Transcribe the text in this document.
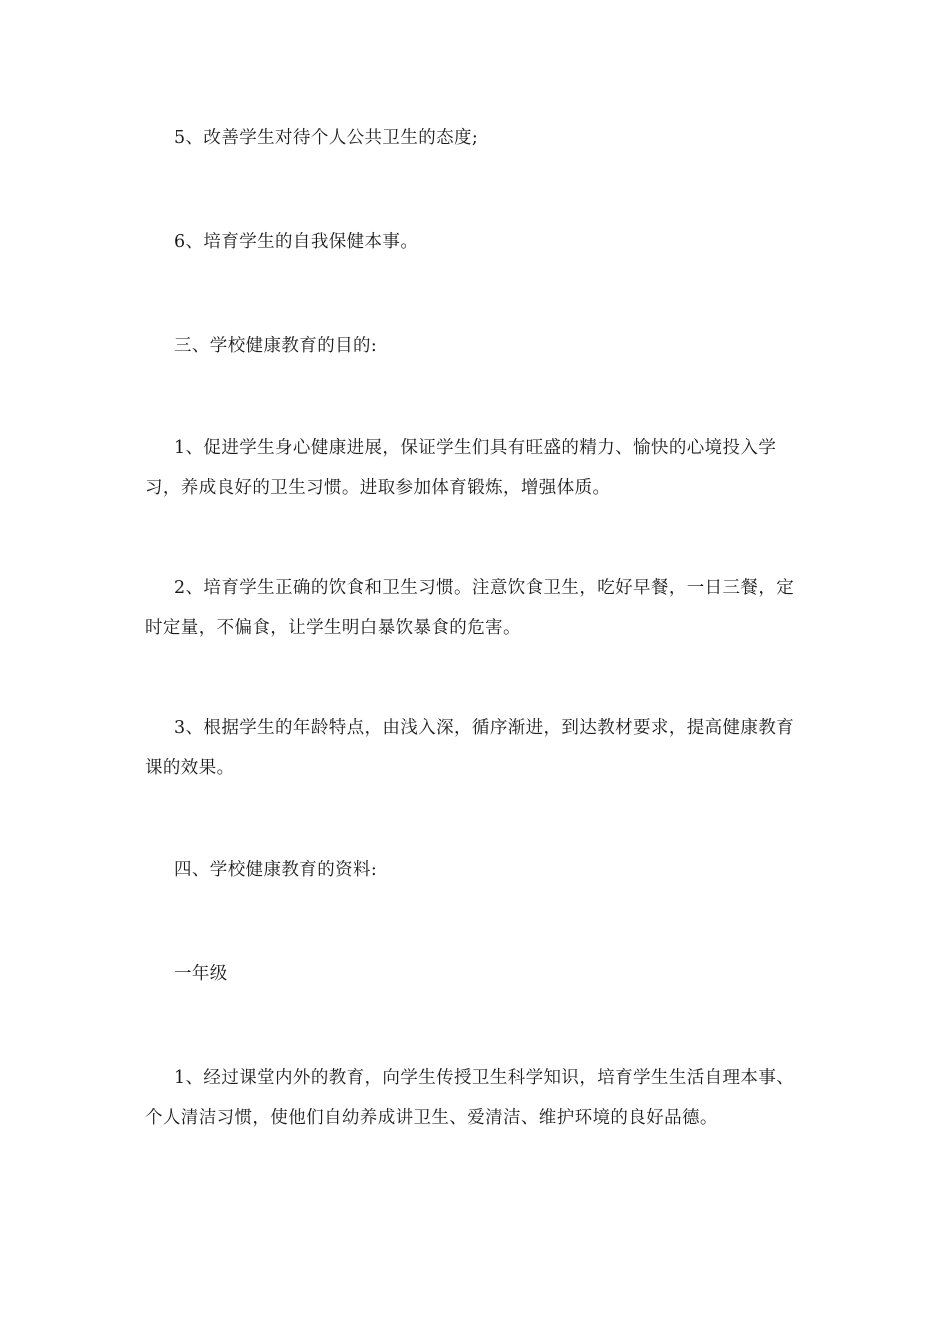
5、改善学生对待个人公共卫生的态度;

6、培育学生的自我保健本事。

三、学校健康教育的目的:

1、促进学生身心健康进展，保证学生们具有旺盛的精力、愉快的心境投入学习，养成良好的卫生习惯。进取参加体育锻炼，增强体质。

2、培育学生正确的饮食和卫生习惯。注意饮食卫生，吃好早餐，一日三餐，定时定量，不偏食，让学生明白暴饮暴食的危害。

3、根据学生的年龄特点，由浅入深，循序渐进，到达教材要求，提高健康教育课的效果。

四、学校健康教育的资料:

一年级

1、经过课堂内外的教育，向学生传授卫生科学知识，培育学生生活自理本事、个人清洁习惯，使他们自幼养成讲卫生、爱清洁、维护环境的良好品德。
